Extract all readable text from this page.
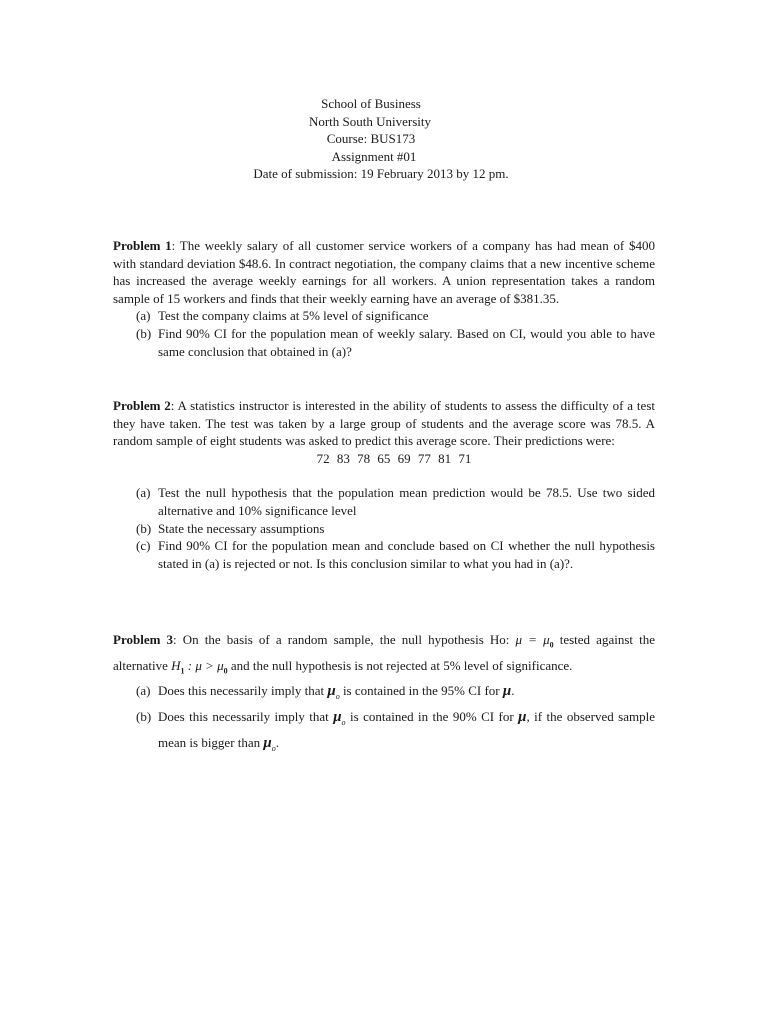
School of Business
North South University
Course: BUS173
Assignment #01
Date of submission: 19 February 2013 by 12 pm.

Problem 1: The weekly salary of all customer service workers of a company has had mean of $400 with standard deviation $48.6. In contract negotiation, the company claims that a new incentive scheme has increased the average weekly earnings for all workers. A union representation takes a random sample of 15 workers and finds that their weekly earning have an average of $381.35.

(a) Test the company claims at 5% level of significance
(b) Find 90% CI for the population mean of weekly salary. Based on CI, would you able to have same conclusion that obtained in (a)?

Problem 2: A statistics instructor is interested in the ability of students to assess the difficulty of a test they have taken. The test was taken by a large group of students and the average score was 78.5. A random sample of eight students was asked to predict this average score. Their predictions were:

72 83 78 65 69 77 81 71

(a) Test the null hypothesis that the population mean prediction would be 78.5. Use two sided alternative and 10% significance level
(b) State the necessary assumptions
(c) Find 90% CI for the population mean and conclude based on CI whether the null hypothesis stated in (a) is rejected or not. Is this conclusion similar to what you had in (a)?.

Problem 3: On the basis of a random sample, the null hypothesis Ho: $\mu = \mu_0$ tested against the alternative $H_1$ : $\mu > \mu_0$ and the null hypothesis is not rejected at 5% level of significance.

(a) Does this necessarily imply that $\mu_o$ is contained in the 95% CI for μ.
(b) Does this necessarily imply that $\mu_o$ is contained in the 90% CI for μ, if the observed sample mean is bigger than $\mu_o$.
